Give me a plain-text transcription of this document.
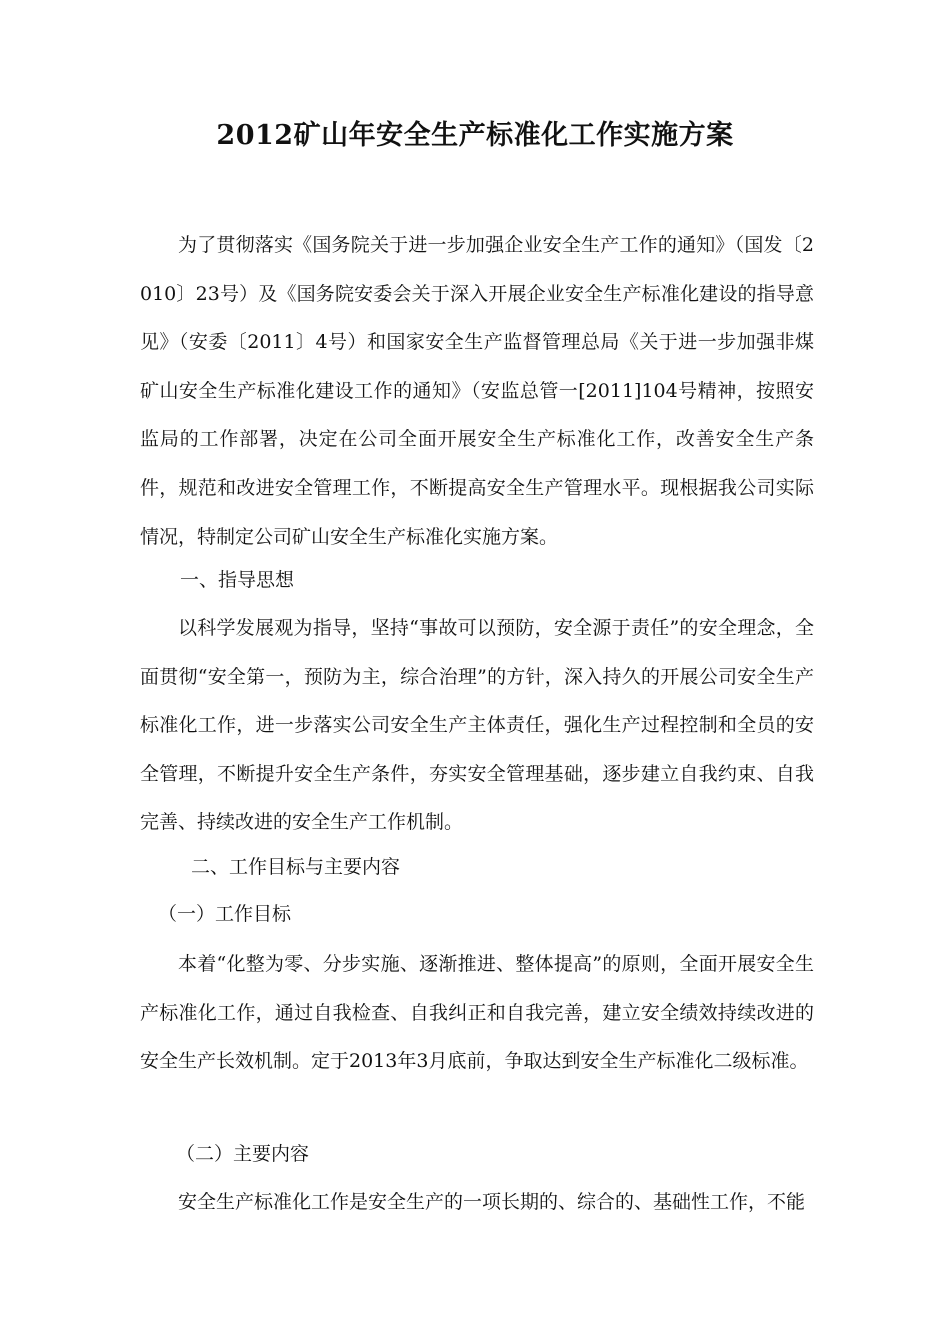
2012矿山年安全生产标准化工作实施方案

为了贯彻落实《国务院关于进一步加强企业安全生产工作的通知》（国发〔2010〕23号）及《国务院安委会关于深入开展企业安全生产标准化建设的指导意见》（安委〔2011〕4号）和国家安全生产监督管理总局《关于进一步加强非煤矿山安全生产标准化建设工作的通知》（安监总管一[2011]104号精神，按照安监局的工作部署，决定在公司全面开展安全生产标准化工作，改善安全生产条件，规范和改进安全管理工作，不断提高安全生产管理水平。现根据我公司实际情况，特制定公司矿山安全生产标准化实施方案。

一、指导思想

以科学发展观为指导，坚持“事故可以预防，安全源于责任”的安全理念，全面贯彻“安全第一，预防为主，综合治理”的方针，深入持久的开展公司安全生产标准化工作，进一步落实公司安全生产主体责任，强化生产过程控制和全员的安全管理，不断提升安全生产条件，夯实安全管理基础，逐步建立自我约束、自我完善、持续改进的安全生产工作机制。

二、工作目标与主要内容

（一）工作目标

本着“化整为零、分步实施、逐渐推进、整体提高”的原则，全面开展安全生产标准化工作，通过自我检查、自我纠正和自我完善，建立安全绩效持续改进的安全生产长效机制。定于2013年3月底前，争取达到安全生产标准化二级标准。

（二）主要内容

安全生产标准化工作是安全生产的一项长期的、综合的、基础性工作，不能
